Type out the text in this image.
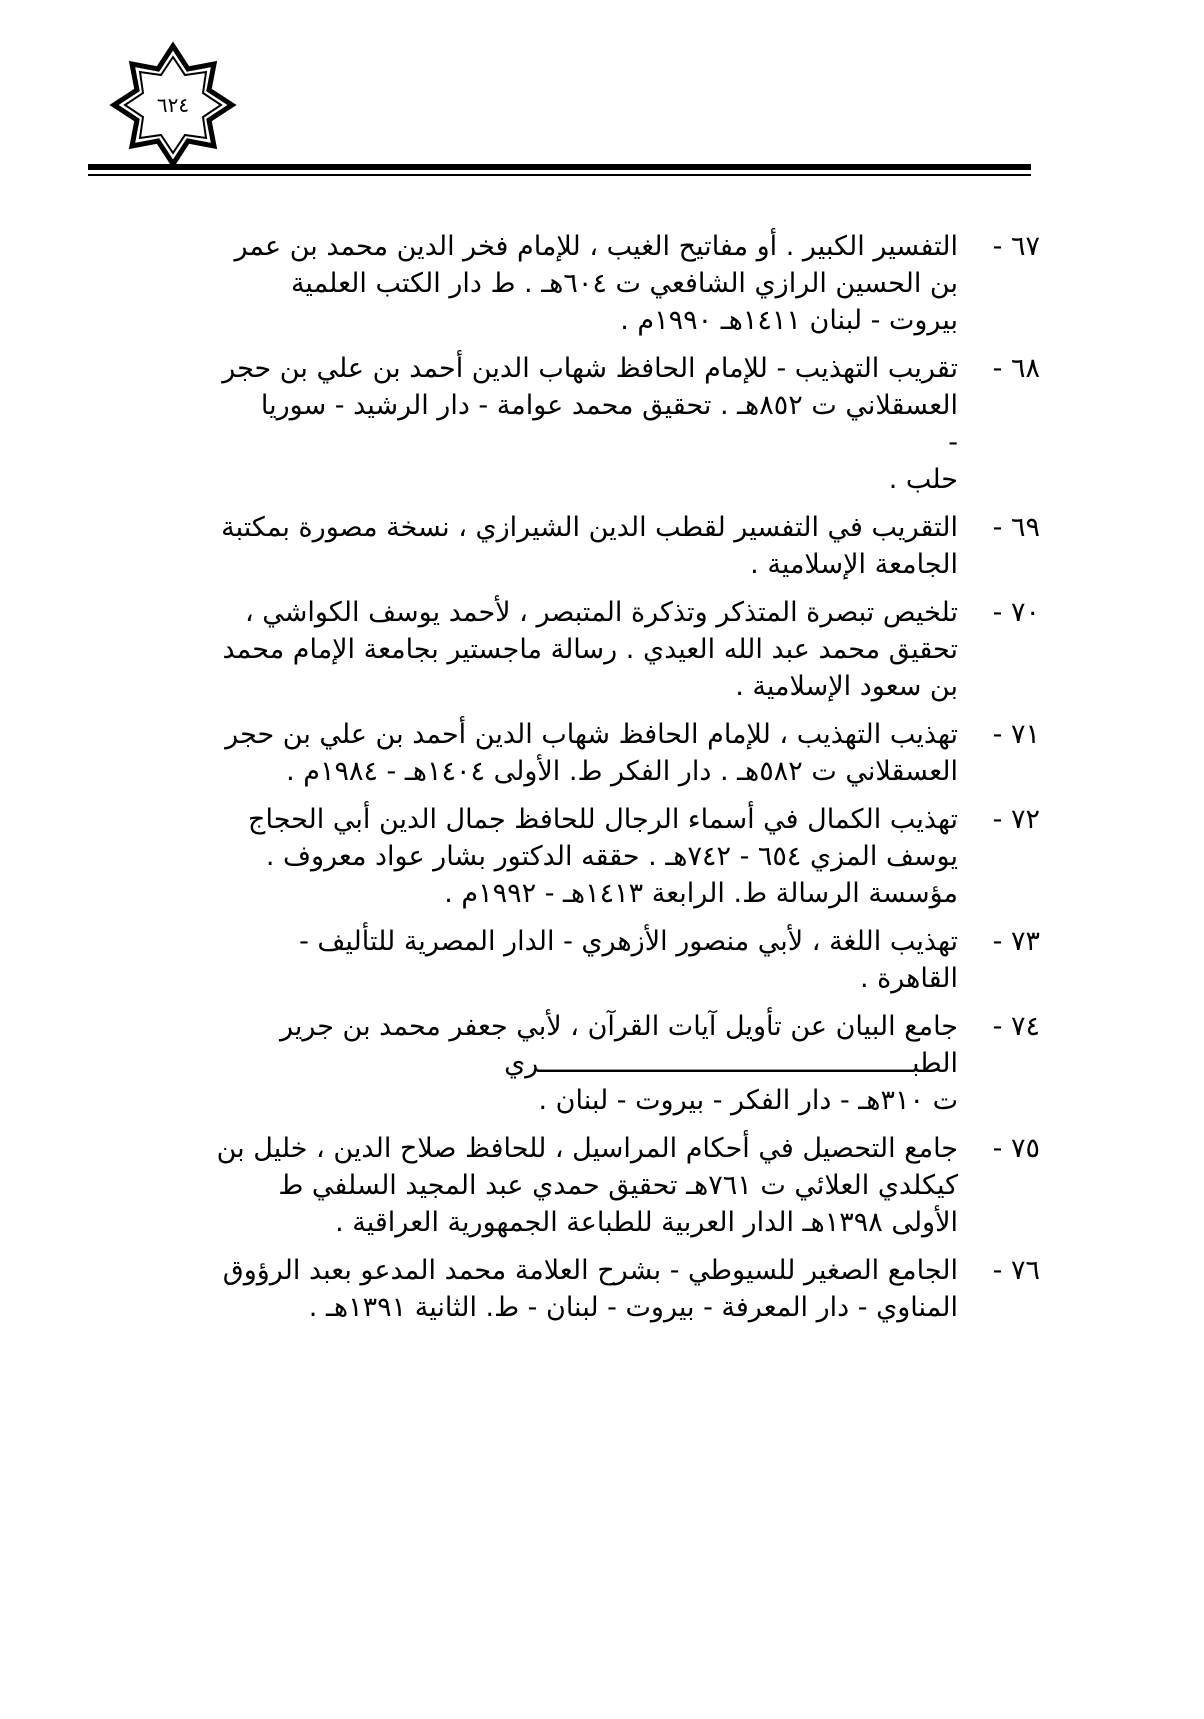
٦٢٤
٦٧ -
التفسير الكبير . أو مفاتيح الغيب ، للإمام فخر الدين محمد بن عمر
بن الحسين الرازي الشافعي ت ٦٠٤هـ . ط دار الكتب العلمية
بيروت - لبنان ١٤١١هـ ١٩٩٠م .
٦٨ -
تقريب التهذيب - للإمام الحافظ شهاب الدين أحمد بن علي بن حجر
العسقلاني ت ٨٥٢هـ . تحقيق محمد عوامة - دار الرشيد - سوريا
-
حلب .
٦٩ -
التقريب في التفسير لقطب الدين الشيرازي ، نسخة مصورة بمكتبة
الجامعة الإسلامية .
٧٠ -
تلخيص تبصرة المتذكر وتذكرة المتبصر ، لأحمد يوسف الكواشي ،
تحقيق محمد عبد الله العيدي . رسالة ماجستير بجامعة الإمام محمد
بن سعود الإسلامية .
٧١ -
تهذيب التهذيب ، للإمام الحافظ شهاب الدين أحمد بن علي بن حجر
العسقلاني ت ٥٨٢هـ . دار الفكر ط. الأولى ١٤٠٤هـ - ١٩٨٤م .
٧٢ -
تهذيب الكمال في أسماء الرجال للحافظ جمال الدين أبي الحجاج
يوسف المزي ٦٥٤ - ٧٤٢هـ . حققه الدكتور بشار عواد معروف .
مؤسسة الرسالة ط. الرابعة ١٤١٣هـ - ١٩٩٢م .
٧٣ -
تهذيب اللغة ، لأبي منصور الأزهري - الدار المصرية للتأليف -
القاهرة .
٧٤ -
جامع البيان عن تأويل آيات القرآن ، لأبي جعفر محمد بن جرير
الطبـــــــــــــــــــــــــــــــــــــــــــــــري
ت ٣١٠هـ - دار الفكر - بيروت - لبنان .
٧٥ -
جامع التحصيل في أحكام المراسيل ، للحافظ صلاح الدين ، خليل بن
كيكلدي العلائي ت ٧٦١هـ تحقيق حمدي عبد المجيد السلفي ط
الأولى ١٣٩٨هـ الدار العربية للطباعة الجمهورية العراقية .
٧٦ -
الجامع الصغير للسيوطي - بشرح العلامة محمد المدعو بعبد الرؤوق
المناوي - دار المعرفة - بيروت - لبنان - ط. الثانية ١٣٩١هـ .
